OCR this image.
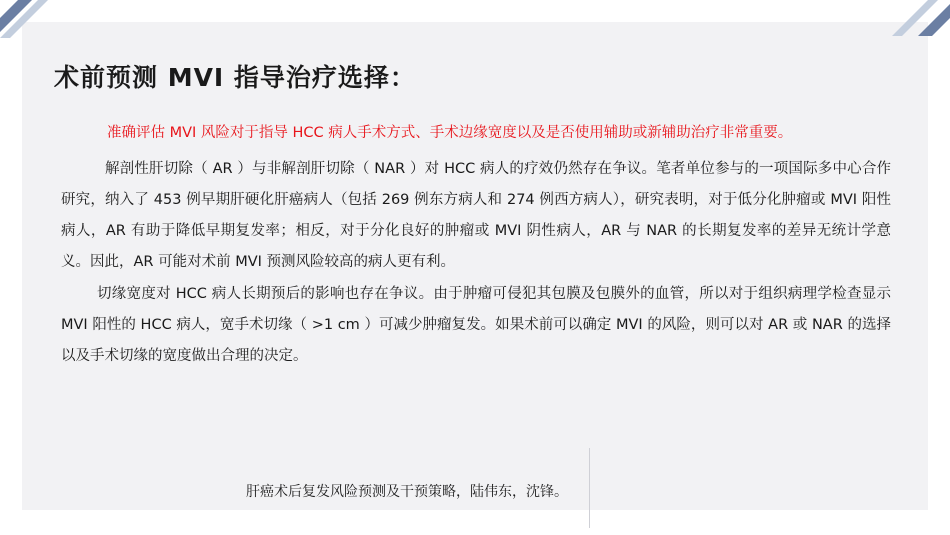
术前预测 MVI 指导治疗选择：
准确评估 MVI 风险对于指导 HCC 病人手术方式、手术边缘宽度以及是否使用辅助或新辅助治疗非常重要。
解剖性肝切除（ AR ）与非解剖肝切除（ NAR ）对 HCC 病人的疗效仍然存在争议。笔者单位参与的一项国际多中心合作研究，纳入了 453 例早期肝硬化肝癌病人（包括 269 例东方病人和 274 例西方病人），研究表明，对于低分化肿瘤或 MVI 阳性病人，AR 有助于降低早期复发率；相反，对于分化良好的肿瘤或 MVI 阴性病人，AR 与 NAR 的长期复发率的差异无统计学意义。因此，AR 可能对术前 MVI 预测风险较高的病人更有利。
切缘宽度对 HCC 病人长期预后的影响也存在争议。由于肿瘤可侵犯其包膜及包膜外的血管，所以对于组织病理学检查显示 MVI 阳性的 HCC 病人，宽手术切缘（ >1 cm ）可减少肿瘤复发。如果术前可以确定 MVI 的风险，则可以对 AR 或 NAR 的选择以及手术切缘的宽度做出合理的决定。
肝癌术后复发风险预测及干预策略，陆伟东，沈锋。
